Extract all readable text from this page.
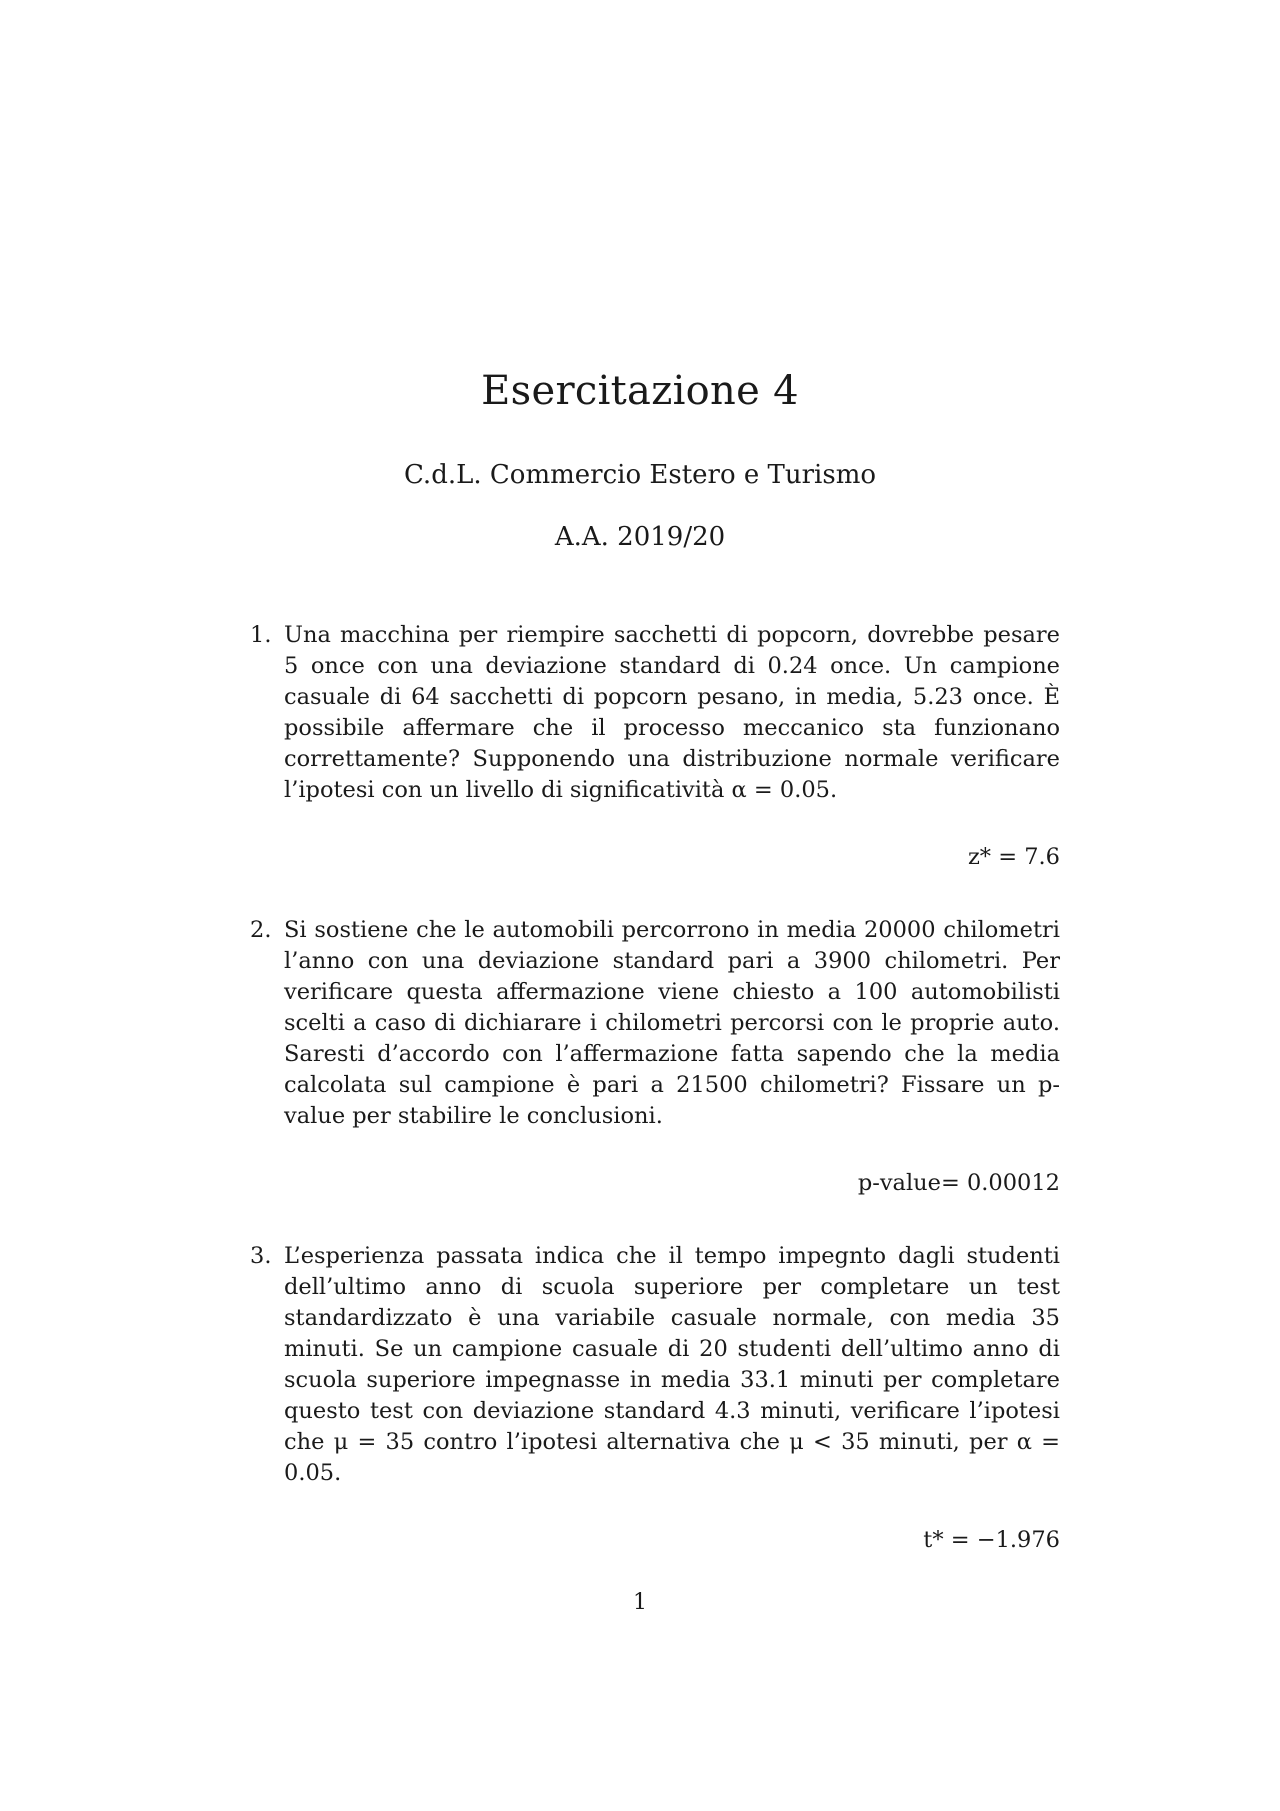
Esercitazione 4

C.d.L. Commercio Estero e Turismo

A.A. 2019/20

1. Una macchina per riempire sacchetti di popcorn, dovrebbe pesare 5 once con una deviazione standard di 0.24 once. Un campione casuale di 64 sacchetti di popcorn pesano, in media, 5.23 once. È possibile affermare che il processo meccanico sta funzionano correttamente? Supponendo una distribuzione normale verificare l’ipotesi con un livello di significatività α = 0.05.

z* = 7.6
2. Si sostiene che le automobili percorrono in media 20000 chilometri l’anno con una deviazione standard pari a 3900 chilometri. Per verificare questa affermazione viene chiesto a 100 automobilisti scelti a caso di dichiarare i chilometri percorsi con le proprie auto. Saresti d’accordo con l’affermazione fatta sapendo che la media calcolata sul campione è pari a 21500 chilometri? Fissare un p-value per stabilire le conclusioni.

p-value= 0.00012
3. L’esperienza passata indica che il tempo impegnto dagli studenti dell’ultimo anno di scuola superiore per completare un test standardizzato è una variabile casuale normale, con media 35 minuti. Se un campione casuale di 20 studenti dell’ultimo anno di scuola superiore impegnasse in media 33.1 minuti per completare questo test con deviazione standard 4.3 minuti, verificare l’ipotesi che μ = 35 contro l’ipotesi alternativa che μ < 35 minuti, per α = 0.05.

t* = −1.976
1
